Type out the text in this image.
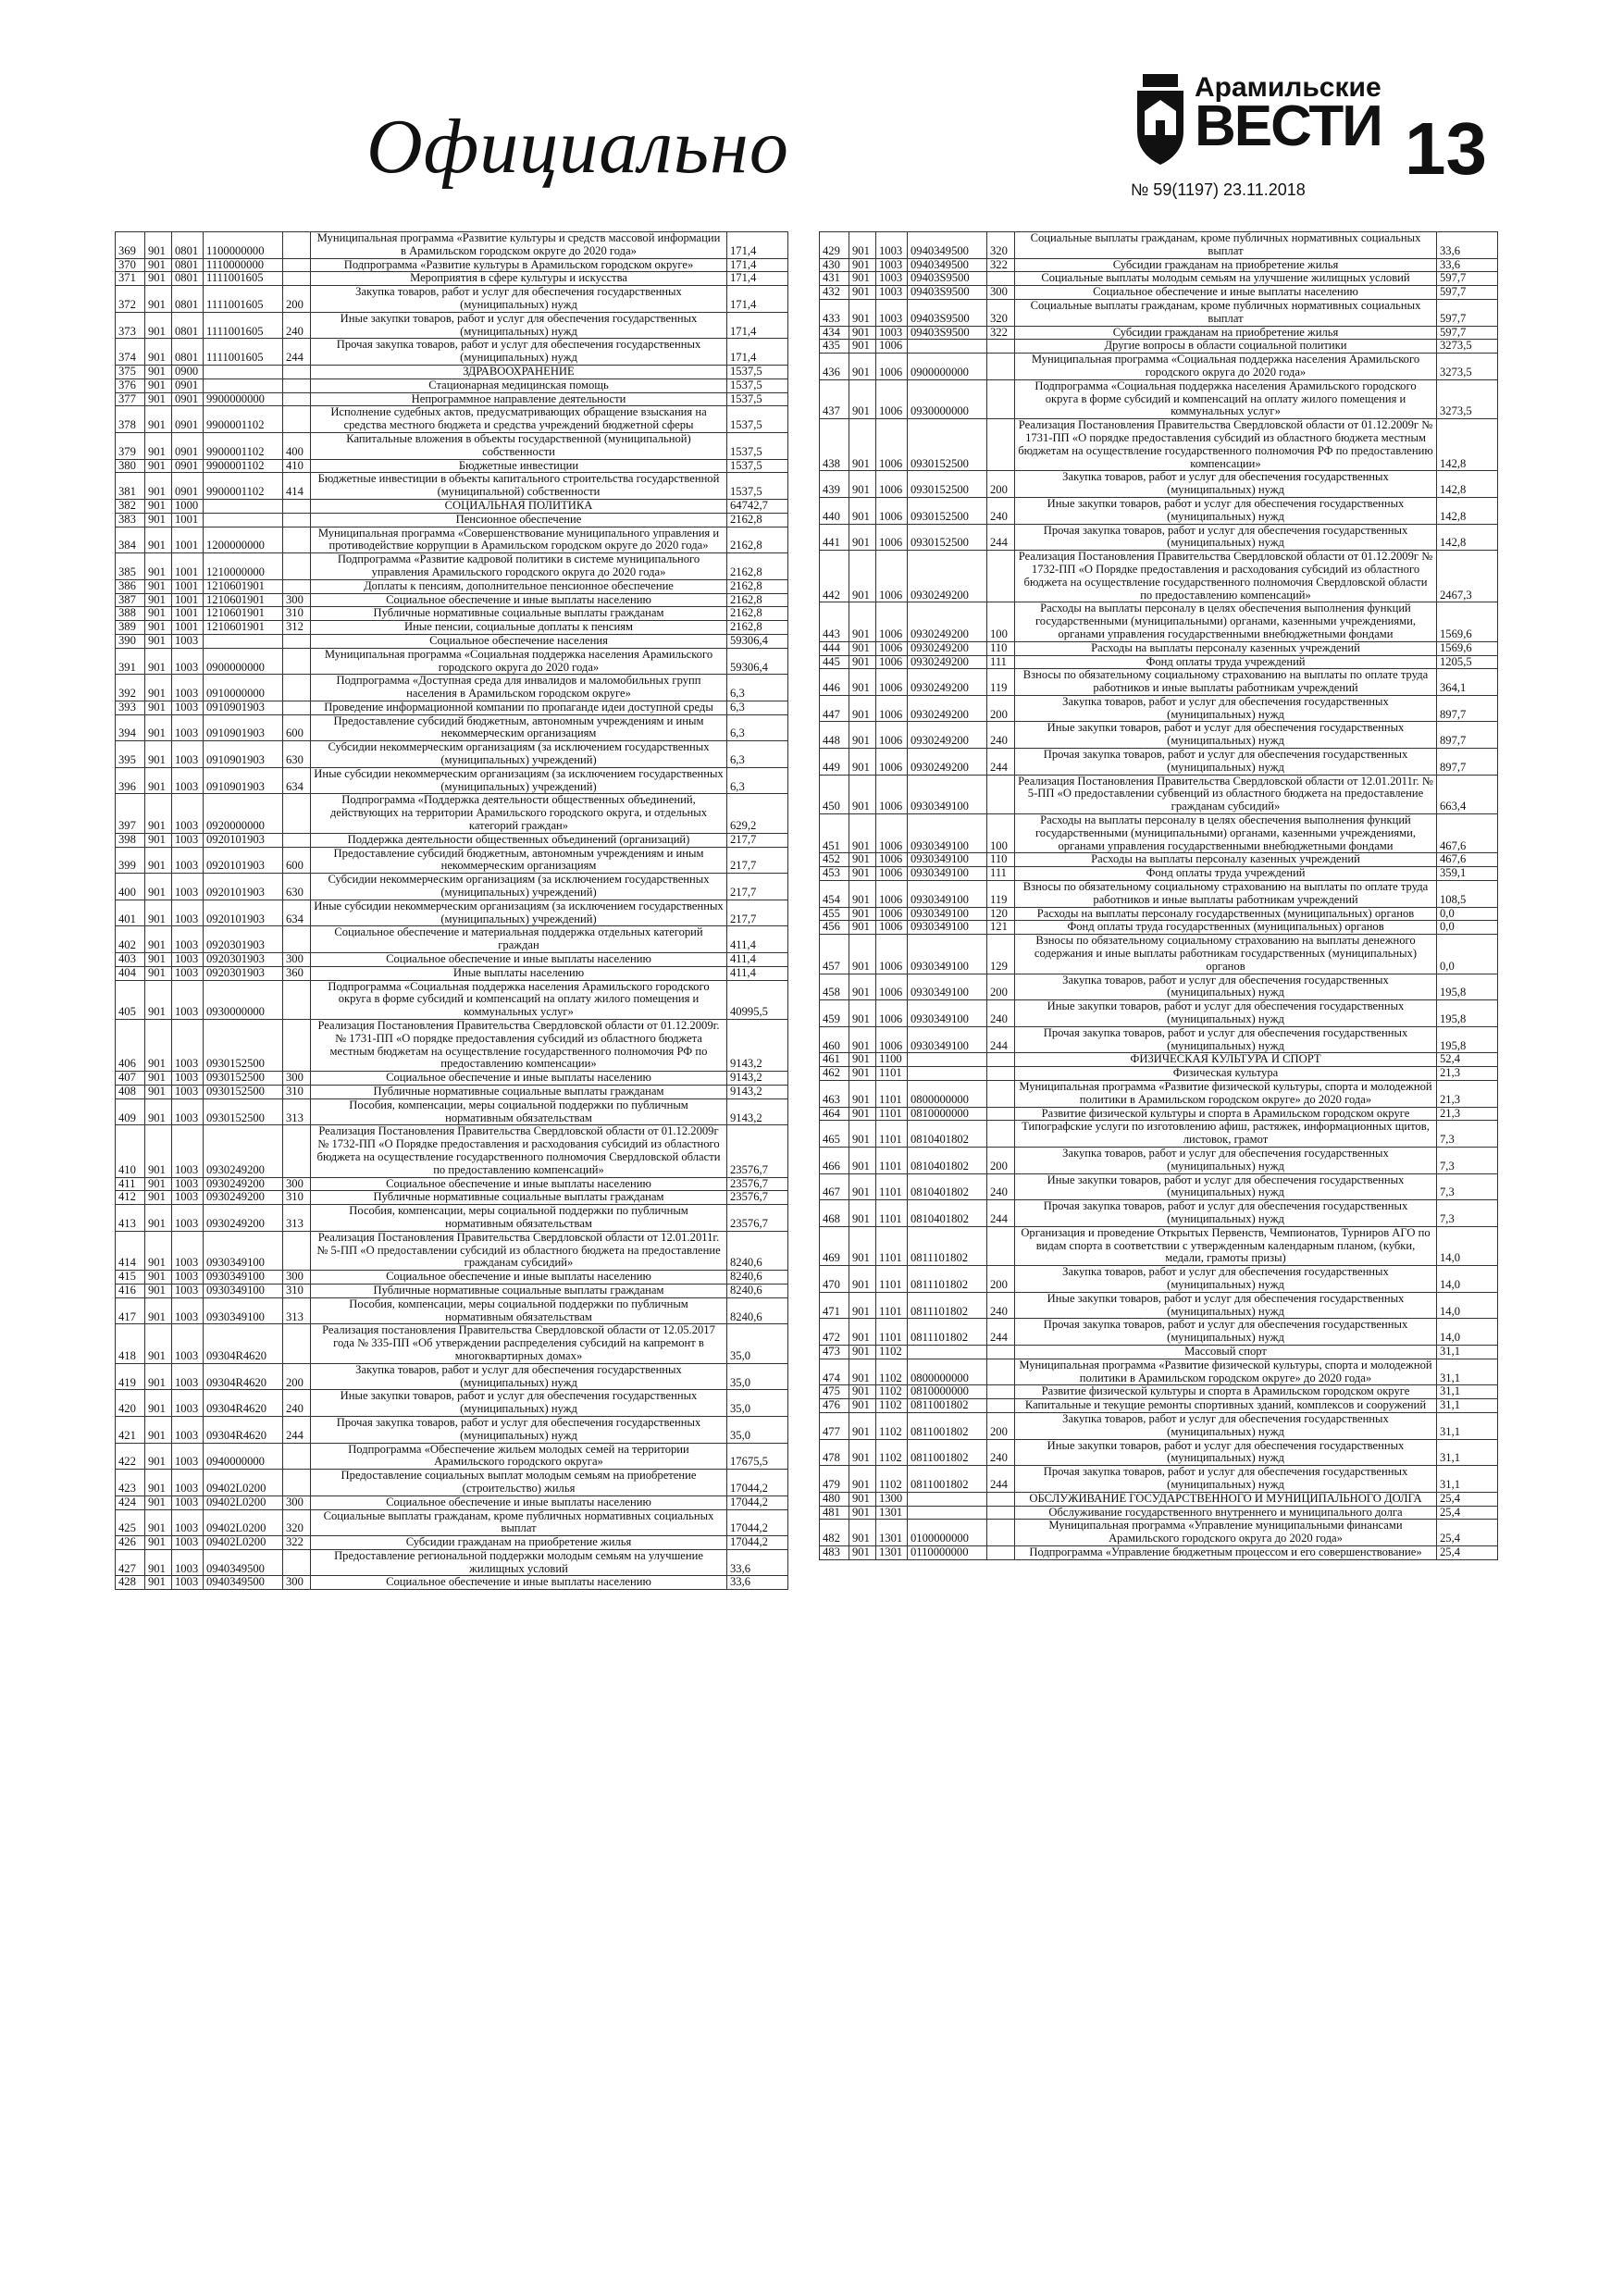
Официально
Арамильские
ВЕСТИ 13
№ 59(1197) 23.11.2018
369	901	0801	1100000000		Муниципальная программа «Развитие культуры и средств массовой информации в Арамильском городском округе до 2020 года»	171,4
370	901	0801	1110000000		Подпрограмма «Развитие культуры в Арамильском городском округе»	171,4
371	901	0801	1111001605		Мероприятия в сфере культуры и искусства	171,4
372	901	0801	1111001605	200	Закупка товаров, работ и услуг для обеспечения государственных (муниципальных) нужд	171,4
373	901	0801	1111001605	240	Иные закупки товаров, работ и услуг для обеспечения государственных (муниципальных) нужд	171,4
374	901	0801	1111001605	244	Прочая закупка товаров, работ и услуг для обеспечения государственных (муниципальных) нужд	171,4
375	901	0900			ЗДРАВООХРАНЕНИЕ	1537,5
376	901	0901			Стационарная медицинская помощь	1537,5
377	901	0901	9900000000		Непрограммное направление деятельности	1537,5
378	901	0901	9900001102		Исполнение судебных актов, предусматривающих обращение взыскания на средства местного бюджета и средства учреждений бюджетной сферы	1537,5
379	901	0901	9900001102	400	Капитальные вложения в объекты государственной (муниципальной) собственности	1537,5
380	901	0901	9900001102	410	Бюджетные инвестиции	1537,5
381	901	0901	9900001102	414	Бюджетные инвестиции в объекты капитального строительства государственной (муниципальной) собственности	1537,5
382	901	1000			СОЦИАЛЬНАЯ ПОЛИТИКА	64742,7
383	901	1001			Пенсионное обеспечение	2162,8
384	901	1001	1200000000		Муниципальная программа «Совершенствование муниципального управления и противодействие коррупции в Арамильском городском округе до 2020 года»	2162,8
385	901	1001	1210000000		Подпрограмма «Развитие кадровой политики в системе муниципального управления Арамильского городского округа до 2020 года»	2162,8
386	901	1001	1210601901		Доплаты к пенсиям, дополнительное пенсионное обеспечение	2162,8
387	901	1001	1210601901	300	Социальное обеспечение и иные выплаты населению	2162,8
388	901	1001	1210601901	310	Публичные нормативные социальные выплаты гражданам	2162,8
389	901	1001	1210601901	312	Иные пенсии, социальные доплаты к пенсиям	2162,8
390	901	1003			Социальное обеспечение населения	59306,4
391	901	1003	0900000000		Муниципальная программа «Социальная поддержка населения Арамильского городского округа до 2020 года»	59306,4
392	901	1003	0910000000		Подпрограмма «Доступная среда для инвалидов и маломобильных групп населения в Арамильском городском округе»	6,3
393	901	1003	0910901903		Проведение информационной компании по пропаганде идеи доступной среды	6,3
394	901	1003	0910901903	600	Предоставление субсидий бюджетным, автономным учреждениям и иным некоммерческим организациям	6,3
395	901	1003	0910901903	630	Субсидии некоммерческим организациям (за исключением государственных (муниципальных) учреждений)	6,3
396	901	1003	0910901903	634	Иные субсидии некоммерческим организациям (за исключением государственных (муниципальных) учреждений)	6,3
397	901	1003	0920000000		Подпрограмма «Поддержка деятельности общественных объединений, действующих на территории Арамильского городского округа, и отдельных категорий граждан»	629,2
398	901	1003	0920101903		Поддержка деятельности общественных объединений (организаций)	217,7
399	901	1003	0920101903	600	Предоставление субсидий бюджетным, автономным учреждениям и иным некоммерческим организациям	217,7
400	901	1003	0920101903	630	Субсидии некоммерческим организациям (за исключением государственных (муниципальных) учреждений)	217,7
401	901	1003	0920101903	634	Иные субсидии некоммерческим организациям (за исключением государственных (муниципальных) учреждений)	217,7
402	901	1003	0920301903		Социальное обеспечение и материальная поддержка отдельных категорий граждан	411,4
403	901	1003	0920301903	300	Социальное обеспечение и иные выплаты населению	411,4
404	901	1003	0920301903	360	Иные выплаты населению	411,4
405	901	1003	0930000000		Подпрограмма «Социальная поддержка населения Арамильского городского округа в форме субсидий и компенсаций на оплату жилого помещения и коммунальных услуг»	40995,5
406	901	1003	0930152500		Реализация Постановления Правительства Свердловской области от 01.12.2009г. № 1731-ПП «О порядке предоставления субсидий из областного бюджета местным бюджетам на осуществление государственного полномочия РФ по предоставлению компенсации»	9143,2
407	901	1003	0930152500	300	Социальное обеспечение и иные выплаты населению	9143,2
408	901	1003	0930152500	310	Публичные нормативные социальные выплаты гражданам	9143,2
409	901	1003	0930152500	313	Пособия, компенсации, меры социальной поддержки по публичным нормативным обязательствам	9143,2
410	901	1003	0930249200		Реализация Постановления Правительства Свердловской области от 01.12.2009г № 1732-ПП «О Порядке предоставления и расходования субсидий из областного бюджета на осуществление государственного полномочия Свердловской области по предоставлению компенсаций»	23576,7
411	901	1003	0930249200	300	Социальное обеспечение и иные выплаты населению	23576,7
412	901	1003	0930249200	310	Публичные нормативные социальные выплаты гражданам	23576,7
413	901	1003	0930249200	313	Пособия, компенсации, меры социальной поддержки по публичным нормативным обязательствам	23576,7
414	901	1003	0930349100		Реализация Постановления Правительства Свердловской области от 12.01.2011г. № 5-ПП «О предоставлении субсидий из областного бюджета на предоставление гражданам субсидий»	8240,6
415	901	1003	0930349100	300	Социальное обеспечение и иные выплаты населению	8240,6
416	901	1003	0930349100	310	Публичные нормативные социальные выплаты гражданам	8240,6
417	901	1003	0930349100	313	Пособия, компенсации, меры социальной поддержки по публичным нормативным обязательствам	8240,6
418	901	1003	09304R4620		Реализация постановления Правительства Свердловской области от 12.05.2017 года № 335-ПП «Об утверждении распределения субсидий на капремонт в многоквартирных домах»	35,0
419	901	1003	09304R4620	200	Закупка товаров, работ и услуг для обеспечения государственных (муниципальных) нужд	35,0
420	901	1003	09304R4620	240	Иные закупки товаров, работ и услуг для обеспечения государственных (муниципальных) нужд	35,0
421	901	1003	09304R4620	244	Прочая закупка товаров, работ и услуг для обеспечения государственных (муниципальных) нужд	35,0
422	901	1003	0940000000		Подпрограмма «Обеспечение жильем молодых семей на территории Арамильского городского округа»	17675,5
423	901	1003	09402L0200		Предоставление социальных выплат молодым семьям на приобретение (строительство) жилья	17044,2
424	901	1003	09402L0200	300	Социальное обеспечение и иные выплаты населению	17044,2
425	901	1003	09402L0200	320	Социальные выплаты гражданам, кроме публичных нормативных социальных выплат	17044,2
426	901	1003	09402L0200	322	Субсидии гражданам на приобретение жилья	17044,2
427	901	1003	0940349500		Предоставление региональной поддержки молодым семьям на улучшение жилищных условий	33,6
428	901	1003	0940349500	300	Социальное обеспечение и иные выплаты населению	33,6
429	901	1003	0940349500	320	Социальные выплаты гражданам, кроме публичных нормативных социальных выплат	33,6
430	901	1003	0940349500	322	Субсидии гражданам на приобретение жилья	33,6
431	901	1003	09403S9500		Социальные выплаты молодым семьям на улучшение жилищных условий	597,7
432	901	1003	09403S9500	300	Социальное обеспечение и иные выплаты населению	597,7
433	901	1003	09403S9500	320	Социальные выплаты гражданам, кроме публичных нормативных социальных выплат	597,7
434	901	1003	09403S9500	322	Субсидии гражданам на приобретение жилья	597,7
435	901	1006			Другие вопросы в области социальной политики	3273,5
436	901	1006	0900000000		Муниципальная программа «Социальная поддержка населения Арамильского городского округа до 2020 года»	3273,5
437	901	1006	0930000000		Подпрограмма «Социальная поддержка населения Арамильского городского округа в форме субсидий и компенсаций на оплату жилого помещения и коммунальных услуг»	3273,5
438	901	1006	0930152500		Реализация Постановления Правительства Свердловской области от 01.12.2009г № 1731-ПП «О порядке предоставления субсидий из областного бюджета местным бюджетам на осуществление государственного полномочия РФ по предоставлению компенсации»	142,8
439	901	1006	0930152500	200	Закупка товаров, работ и услуг для обеспечения государственных (муниципальных) нужд	142,8
440	901	1006	0930152500	240	Иные закупки товаров, работ и услуг для обеспечения государственных (муниципальных) нужд	142,8
441	901	1006	0930152500	244	Прочая закупка товаров, работ и услуг для обеспечения государственных (муниципальных) нужд	142,8
442	901	1006	0930249200		Реализация Постановления Правительства Свердловской области от 01.12.2009г № 1732-ПП «О Порядке предоставления и расходования субсидий из областного бюджета на осуществление государственного полномочия Свердловской области по предоставлению компенсаций»	2467,3
443	901	1006	0930249200	100	Расходы на выплаты персоналу в целях обеспечения выполнения функций государственными (муниципальными) органами, казенными учреждениями, органами управления государственными внебюджетными фондами	1569,6
444	901	1006	0930249200	110	Расходы на выплаты персоналу казенных учреждений	1569,6
445	901	1006	0930249200	111	Фонд оплаты труда учреждений	1205,5
446	901	1006	0930249200	119	Взносы по обязательному социальному страхованию на выплаты по оплате труда работников и иные выплаты работникам учреждений	364,1
447	901	1006	0930249200	200	Закупка товаров, работ и услуг для обеспечения государственных (муниципальных) нужд	897,7
448	901	1006	0930249200	240	Иные закупки товаров, работ и услуг для обеспечения государственных (муниципальных) нужд	897,7
449	901	1006	0930249200	244	Прочая закупка товаров, работ и услуг для обеспечения государственных (муниципальных) нужд	897,7
450	901	1006	0930349100		Реализация Постановления Правительства Свердловской области от 12.01.2011г. № 5-ПП «О предоставлении субвенций из областного бюджета на предоставление гражданам субсидий»	663,4
451	901	1006	0930349100	100	Расходы на выплаты персоналу в целях обеспечения выполнения функций государственными (муниципальными) органами, казенными учреждениями, органами управления государственными внебюджетными фондами	467,6
452	901	1006	0930349100	110	Расходы на выплаты персоналу казенных учреждений	467,6
453	901	1006	0930349100	111	Фонд оплаты труда учреждений	359,1
454	901	1006	0930349100	119	Взносы по обязательному социальному страхованию на выплаты по оплате труда работников и иные выплаты работникам учреждений	108,5
455	901	1006	0930349100	120	Расходы на выплаты персоналу государственных (муниципальных) органов	0,0
456	901	1006	0930349100	121	Фонд оплаты труда государственных (муниципальных) органов	0,0
457	901	1006	0930349100	129	Взносы по обязательному социальному страхованию на выплаты денежного содержания и иные выплаты работникам государственных (муниципальных) органов	0,0
458	901	1006	0930349100	200	Закупка товаров, работ и услуг для обеспечения государственных (муниципальных) нужд	195,8
459	901	1006	0930349100	240	Иные закупки товаров, работ и услуг для обеспечения государственных (муниципальных) нужд	195,8
460	901	1006	0930349100	244	Прочая закупка товаров, работ и услуг для обеспечения государственных (муниципальных) нужд	195,8
461	901	1100			ФИЗИЧЕСКАЯ КУЛЬТУРА И СПОРТ	52,4
462	901	1101			Физическая культура	21,3
463	901	1101	0800000000		Муниципальная программа «Развитие физической культуры, спорта и молодежной политики в Арамильском городском округе» до 2020 года»	21,3
464	901	1101	0810000000		Развитие физической культуры и спорта в Арамильском городском округе	21,3
465	901	1101	0810401802		Типографские услуги по изготовлению афиш, растяжек, информационных щитов, листовок, грамот	7,3
466	901	1101	0810401802	200	Закупка товаров, работ и услуг для обеспечения государственных (муниципальных) нужд	7,3
467	901	1101	0810401802	240	Иные закупки товаров, работ и услуг для обеспечения государственных (муниципальных) нужд	7,3
468	901	1101	0810401802	244	Прочая закупка товаров, работ и услуг для обеспечения государственных (муниципальных) нужд	7,3
469	901	1101	0811101802		Организация и проведение Открытых Первенств, Чемпионатов, Турниров АГО по видам спорта в соответствии с утвержденным календарным планом, (кубки, медали, грамоты призы)	14,0
470	901	1101	0811101802	200	Закупка товаров, работ и услуг для обеспечения государственных (муниципальных) нужд	14,0
471	901	1101	0811101802	240	Иные закупки товаров, работ и услуг для обеспечения государственных (муниципальных) нужд	14,0
472	901	1101	0811101802	244	Прочая закупка товаров, работ и услуг для обеспечения государственных (муниципальных) нужд	14,0
473	901	1102			Массовый спорт	31,1
474	901	1102	0800000000		Муниципальная программа «Развитие физической культуры, спорта и молодежной политики в Арамильском городском округе» до 2020 года»	31,1
475	901	1102	0810000000		Развитие физической культуры и спорта в Арамильском городском округе	31,1
476	901	1102	0811001802		Капитальные и текущие ремонты спортивных зданий, комплексов и сооружений	31,1
477	901	1102	0811001802	200	Закупка товаров, работ и услуг для обеспечения государственных (муниципальных) нужд	31,1
478	901	1102	0811001802	240	Иные закупки товаров, работ и услуг для обеспечения государственных (муниципальных) нужд	31,1
479	901	1102	0811001802	244	Прочая закупка товаров, работ и услуг для обеспечения государственных (муниципальных) нужд	31,1
480	901	1300			ОБСЛУЖИВАНИЕ ГОСУДАРСТВЕННОГО И МУНИЦИПАЛЬНОГО ДОЛГА	25,4
481	901	1301			Обслуживание государственного внутреннего и муниципального долга	25,4
482	901	1301	0100000000		Муниципальная программа «Управление муниципальными финансами Арамильского городского округа до 2020 года»	25,4
483	901	1301	0110000000		Подпрограмма «Управление бюджетным процессом и его совершенствование»	25,4
